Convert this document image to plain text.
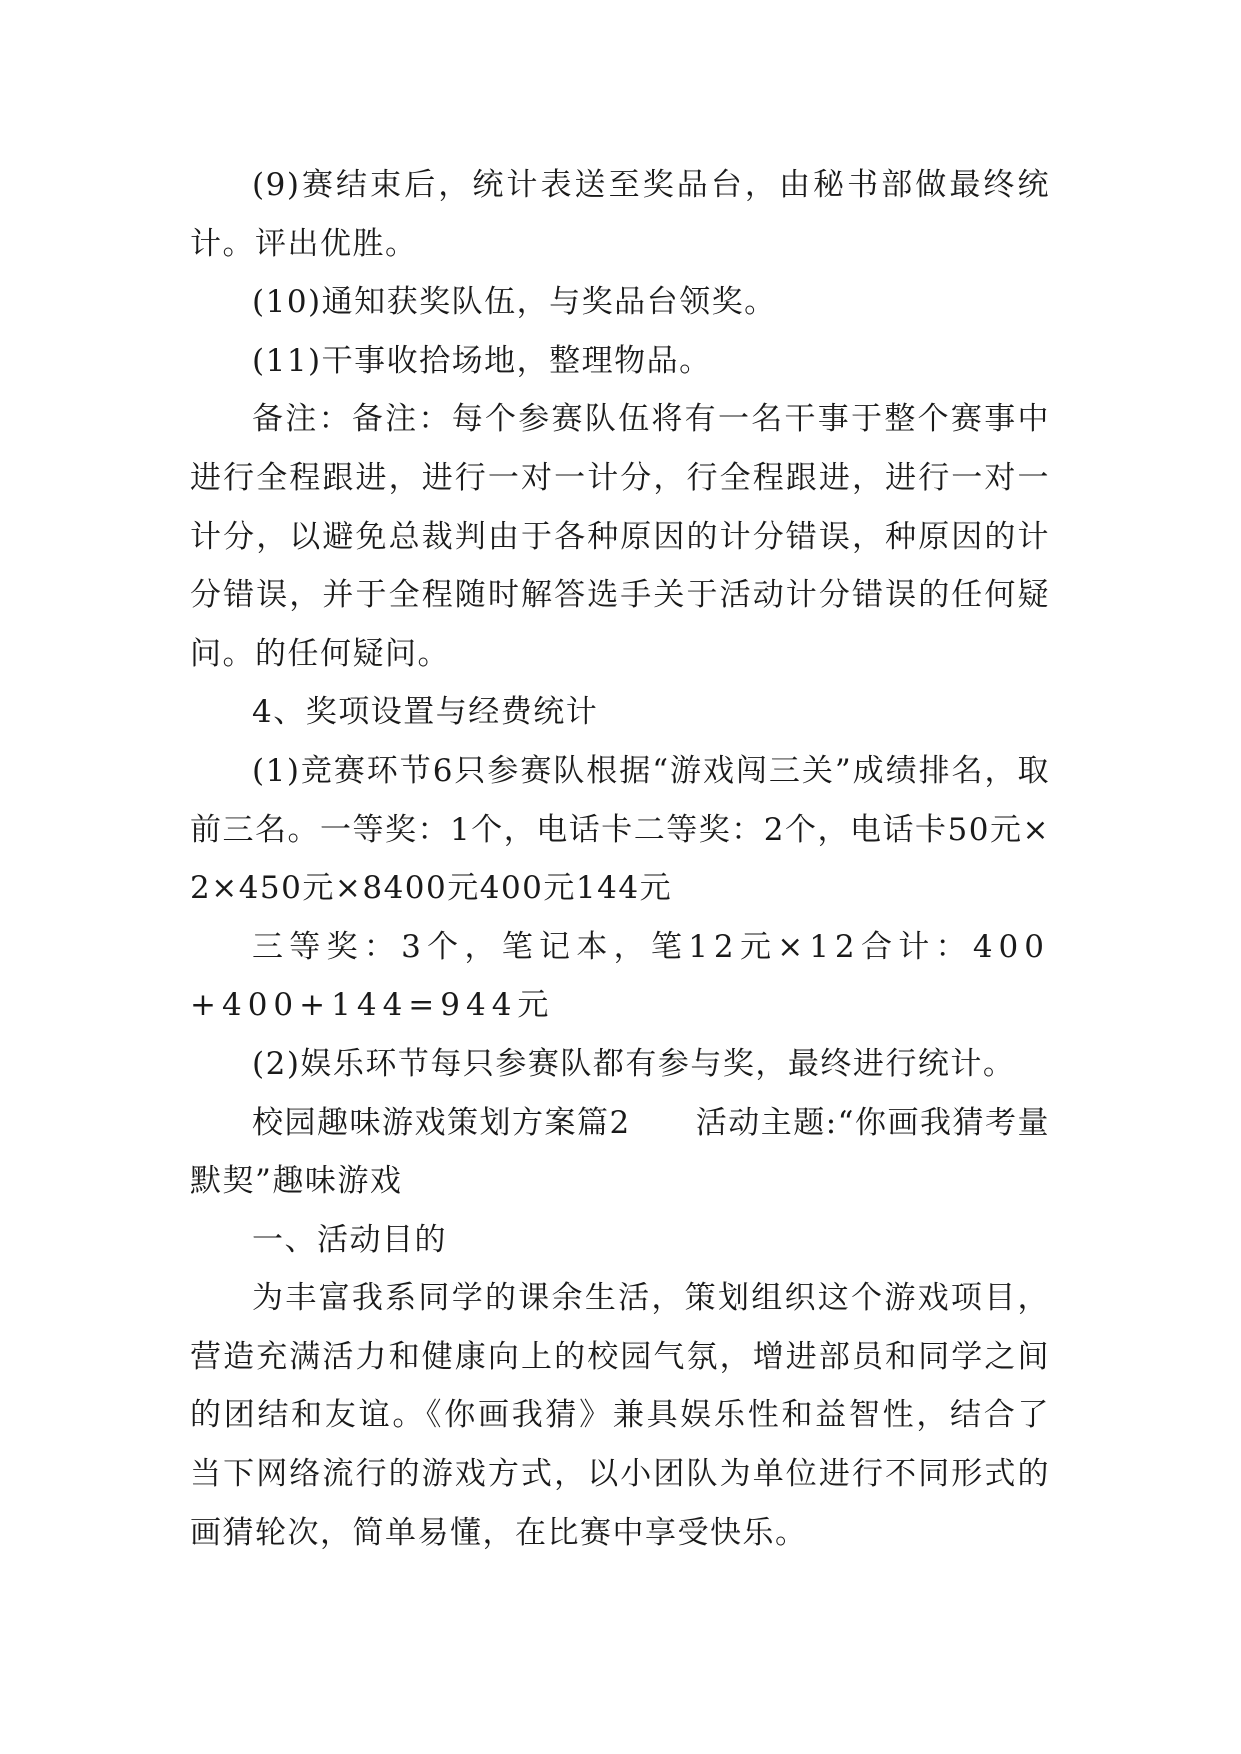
(9)赛结束后，统计表送至奖品台，由秘书部做最终统计。评出优胜。

(10)通知获奖队伍，与奖品台领奖。

(11)干事收拾场地，整理物品。

备注：备注：每个参赛队伍将有一名干事于整个赛事中进行全程跟进，进行一对一计分，行全程跟进，进行一对一计分，以避免总裁判由于各种原因的计分错误，种原因的计分错误，并于全程随时解答选手关于活动计分错误的任何疑问。的任何疑问。

4、奖项设置与经费统计

(1)竞赛环节6只参赛队根据“游戏闯三关”成绩排名，取前三名。一等奖：1个，电话卡二等奖：2个，电话卡50元×2×450元×8400元400元144元

三等奖：3个，笔记本，笔12元×12合计：400+400+144=944元

(2)娱乐环节每只参赛队都有参与奖，最终进行统计。

校园趣味游戏策划方案篇2　　活动主题:“你画我猜考量默契”趣味游戏

一、活动目的

为丰富我系同学的课余生活，策划组织这个游戏项目，营造充满活力和健康向上的校园气氛，增进部员和同学之间的团结和友谊。《你画我猜》兼具娱乐性和益智性，结合了当下网络流行的游戏方式，以小团队为单位进行不同形式的画猜轮次，简单易懂，在比赛中享受快乐。
